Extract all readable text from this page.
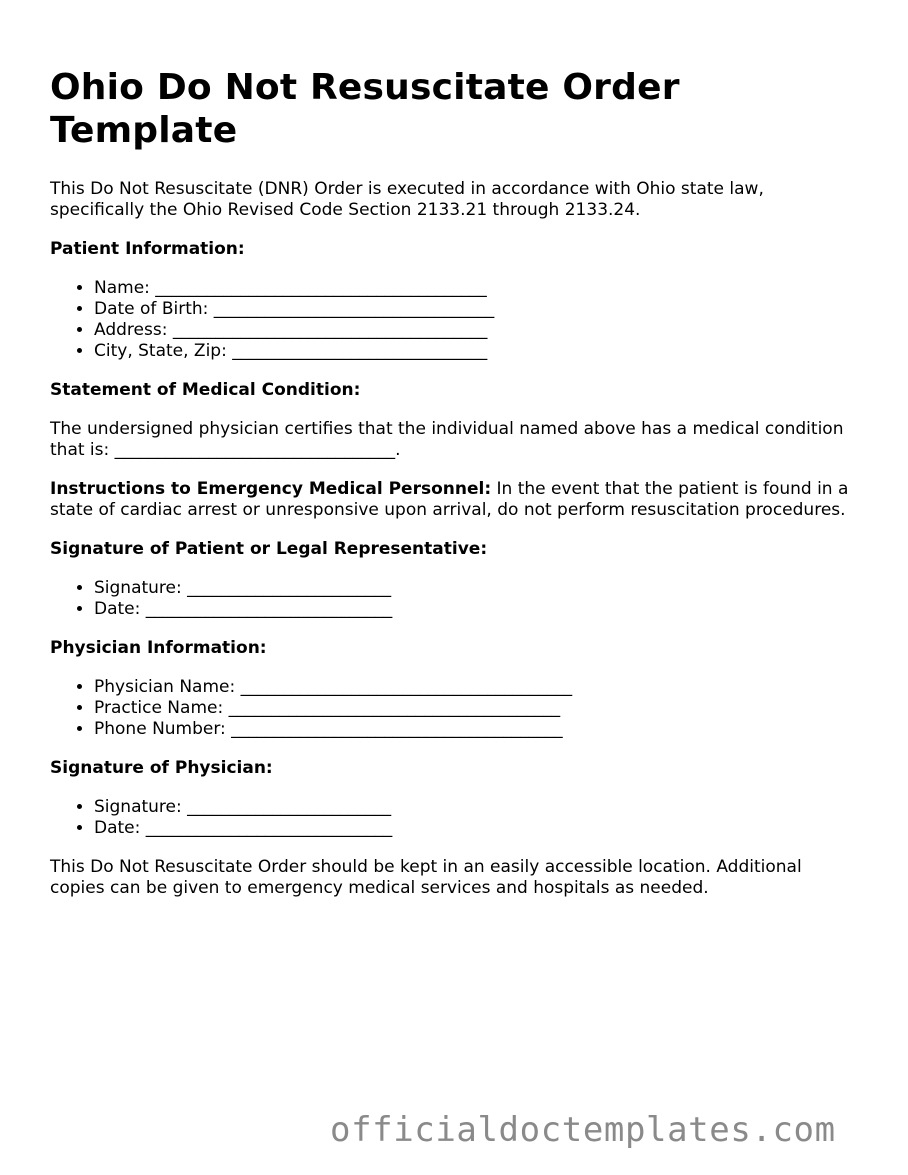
Ohio Do Not Resuscitate Order Template

This Do Not Resuscitate (DNR) Order is executed in accordance with Ohio state law, specifically the Ohio Revised Code Section 2133.21 through 2133.24.

Patient Information:
• Name: _______________________________________
• Date of Birth: _________________________________
• Address: _____________________________________
• City, State, Zip: ______________________________
Statement of Medical Condition:

The undersigned physician certifies that the individual named above has a medical condition that is: _________________________________.

Instructions to Emergency Medical Personnel: In the event that the patient is found in a state of cardiac arrest or unresponsive upon arrival, do not perform resuscitation procedures.

Signature of Patient or Legal Representative:
• Signature: ________________________
• Date: _____________________________
Physician Information:
• Physician Name: _______________________________________
• Practice Name: _______________________________________
• Phone Number: _______________________________________
Signature of Physician:
• Signature: ________________________
• Date: _____________________________

This Do Not Resuscitate Order should be kept in an easily accessible location. Additional copies can be given to emergency medical services and hospitals as needed.

officialdoctemplates.com
